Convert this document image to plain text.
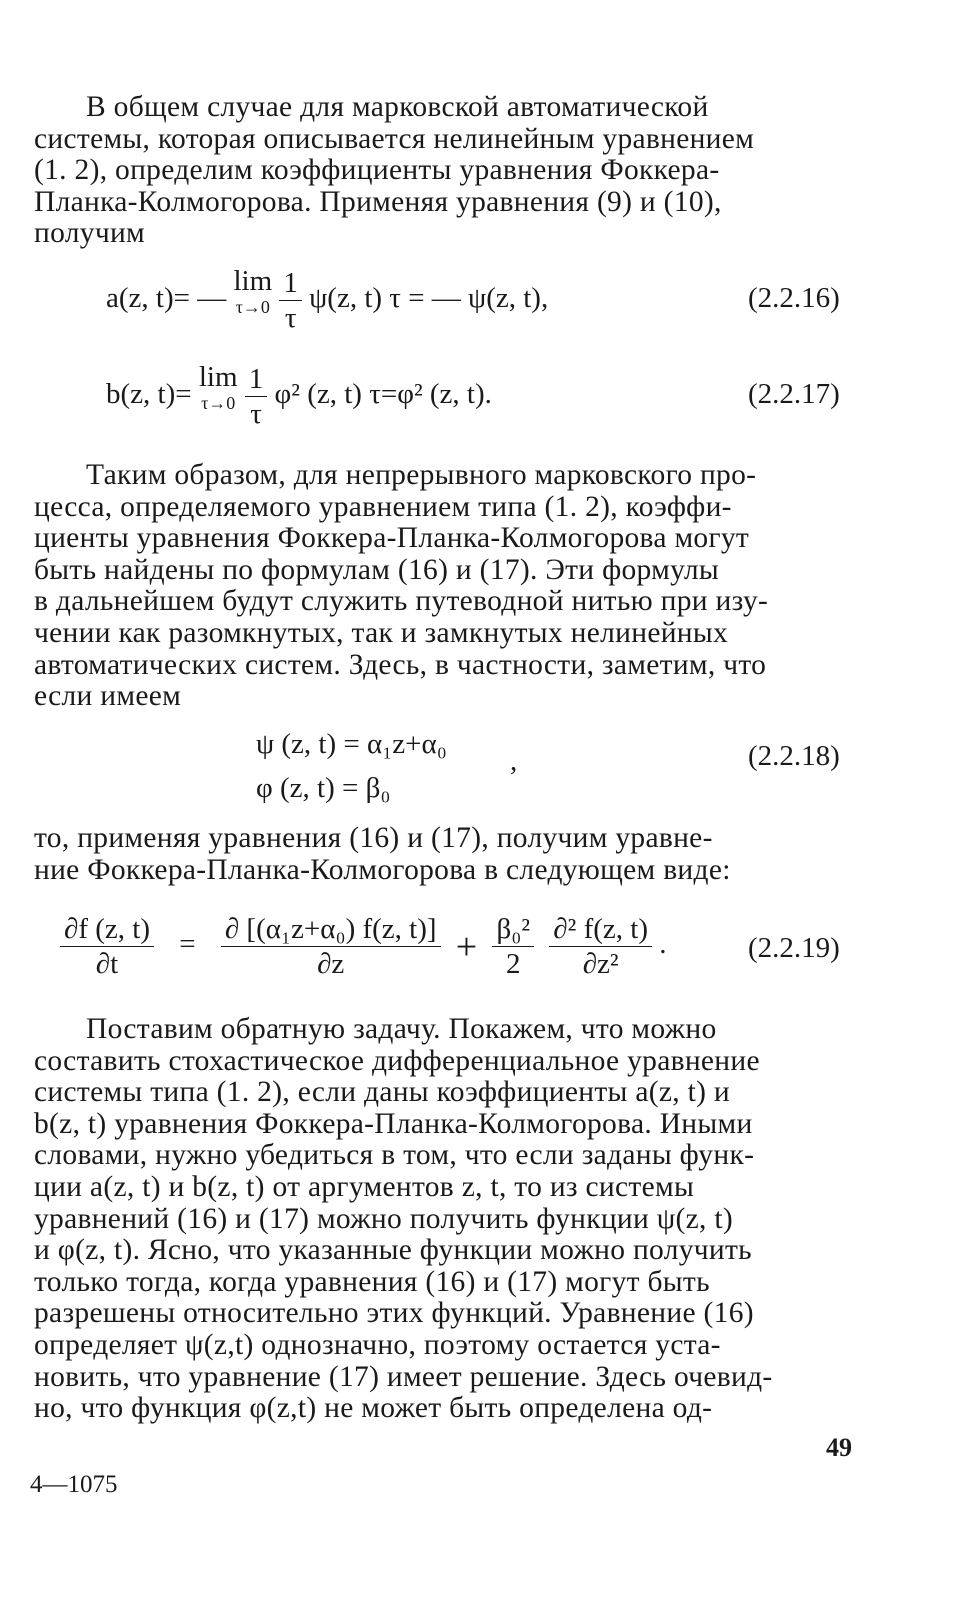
В общем случае для марковской автоматической
системы, которая описывается нелинейным уравнением
(1. 2), определим коэффициенты уравнения Фоккера-
Планка-Колмогорова. Применяя уравнения (9) и (10),
получим
a(z, t)= — lim
τ→0
$\frac{1}{\tau} \psi(z$, t) τ = — ψ(z, t),	(2.2.16)
b(z, t)= lim
τ→0
$\frac{1}{\tau} \varphi^2$ (z, t) τ=φ² (z, t).	(2.2.17)
Таким образом, для непрерывного марковского про-
цесса, определяемого уравнением типа (1. 2), коэффи-
циенты уравнения Фоккера-Планка-Колмогорова могут
быть найдены по формулам (16) и (17). Эти формулы
в дальнейшем будут служить путеводной нитью при изу-
чении как разомкнутых, так и замкнутых нелинейных
автоматических систем. Здесь, в частности, заметим, что
если имеем
ψ (z, t) = α₁z+α₀
φ (z, t) = β₀
,	(2.2.18)
то, применяя уравнения (16) и (17), получим уравне-
ние Фоккера-Планка-Колмогорова в следующем виде:
$\frac{\partial f (z, t)}{\partial t} = \frac{\text{∂ [(α₁z+α₀) f(z, t)]}}{\partial z} + \frac{\text{β₀²}}{2}$
$\frac{\text{∂² f(z, t)}}{\text{∂z²}}$ .	(2.2.19)
Поставим обратную задачу. Покажем, что можно
составить стохастическое дифференциальное уравнение
системы типа (1. 2), если даны коэффициенты a(z, t) и
b(z, t) уравнения Фоккера-Планка-Колмогорова. Иными
словами, нужно убедиться в том, что если заданы функ-
ции a(z, t) и b(z, t) от аргументов z, t, то из системы
уравнений (16) и (17) можно получить функции ψ(z, t)
и φ(z, t). Ясно, что указанные функции можно получить
только тогда, когда уравнения (16) и (17) могут быть
разрешены относительно этих функций. Уравнение (16)
определяет ψ(z,t) однозначно, поэтому остается уста-
новить, что уравнение (17) имеет решение. Здесь очевид-
но, что функция φ(z,t) не может быть определена од-
49
4—1075
